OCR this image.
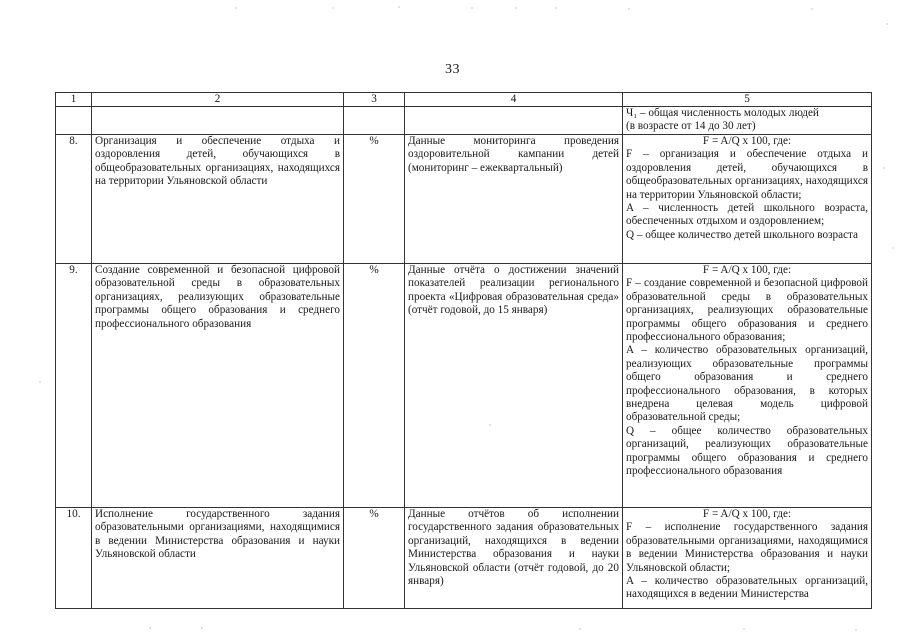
33
1	2	3	4	5

				Ч₁ – общая численность молодых людей
(в возрасте от 14 до 30 лет)

8.	Организация и обеспечение отдыха и оздоровления детей, обучающихся в общеобразовательных организациях, находящихся на территории Ульяновской области	%	Данные мониторинга проведения оздоровительной кампании детей (мониторинг – ежеквартальный)	F = A/Q x 100, где:
F – организация и обеспечение отдыха и оздоровления детей, обучающихся в общеобразовательных организациях, находящихся на территории Ульяновской области;
A – численность детей школьного возраста, обеспеченных отдыхом и оздоровлением;
Q – общее количество детей школьного возраста

9.	Создание современной и безопасной цифровой образовательной среды в образовательных организациях, реализующих образовательные программы общего образования и среднего профессионального образования	%	Данные отчёта о достижении значений показателей реализации регионального проекта «Цифровая образовательная среда» (отчёт годовой, до 15 января)	F = A/Q x 100, где:
F – создание современной и безопасной цифровой образовательной среды в образовательных организациях, реализующих образовательные программы общего образования и среднего профессионального образования;
A – количество образовательных организаций, реализующих образовательные программы общего образования и среднего профессионального образования, в которых внедрена целевая модель цифровой образовательной среды;
Q – общее количество образовательных организаций, реализующих образовательные программы общего образования и среднего профессионального образования

10.	Исполнение государственного задания образовательными организациями, находящимися в ведении Министерства образования и науки Ульяновской области	%	Данные отчётов об исполнении государственного задания образовательных организаций, находящихся в ведении Министерства образования и науки Ульяновской области (отчёт годовой, до 20 января)	F = A/Q x 100, где:
F – исполнение государственного задания образовательными организациями, находящимися в ведении Министерства образования и науки Ульяновской области;
A – количество образовательных организаций, находящихся в ведении Министерства
